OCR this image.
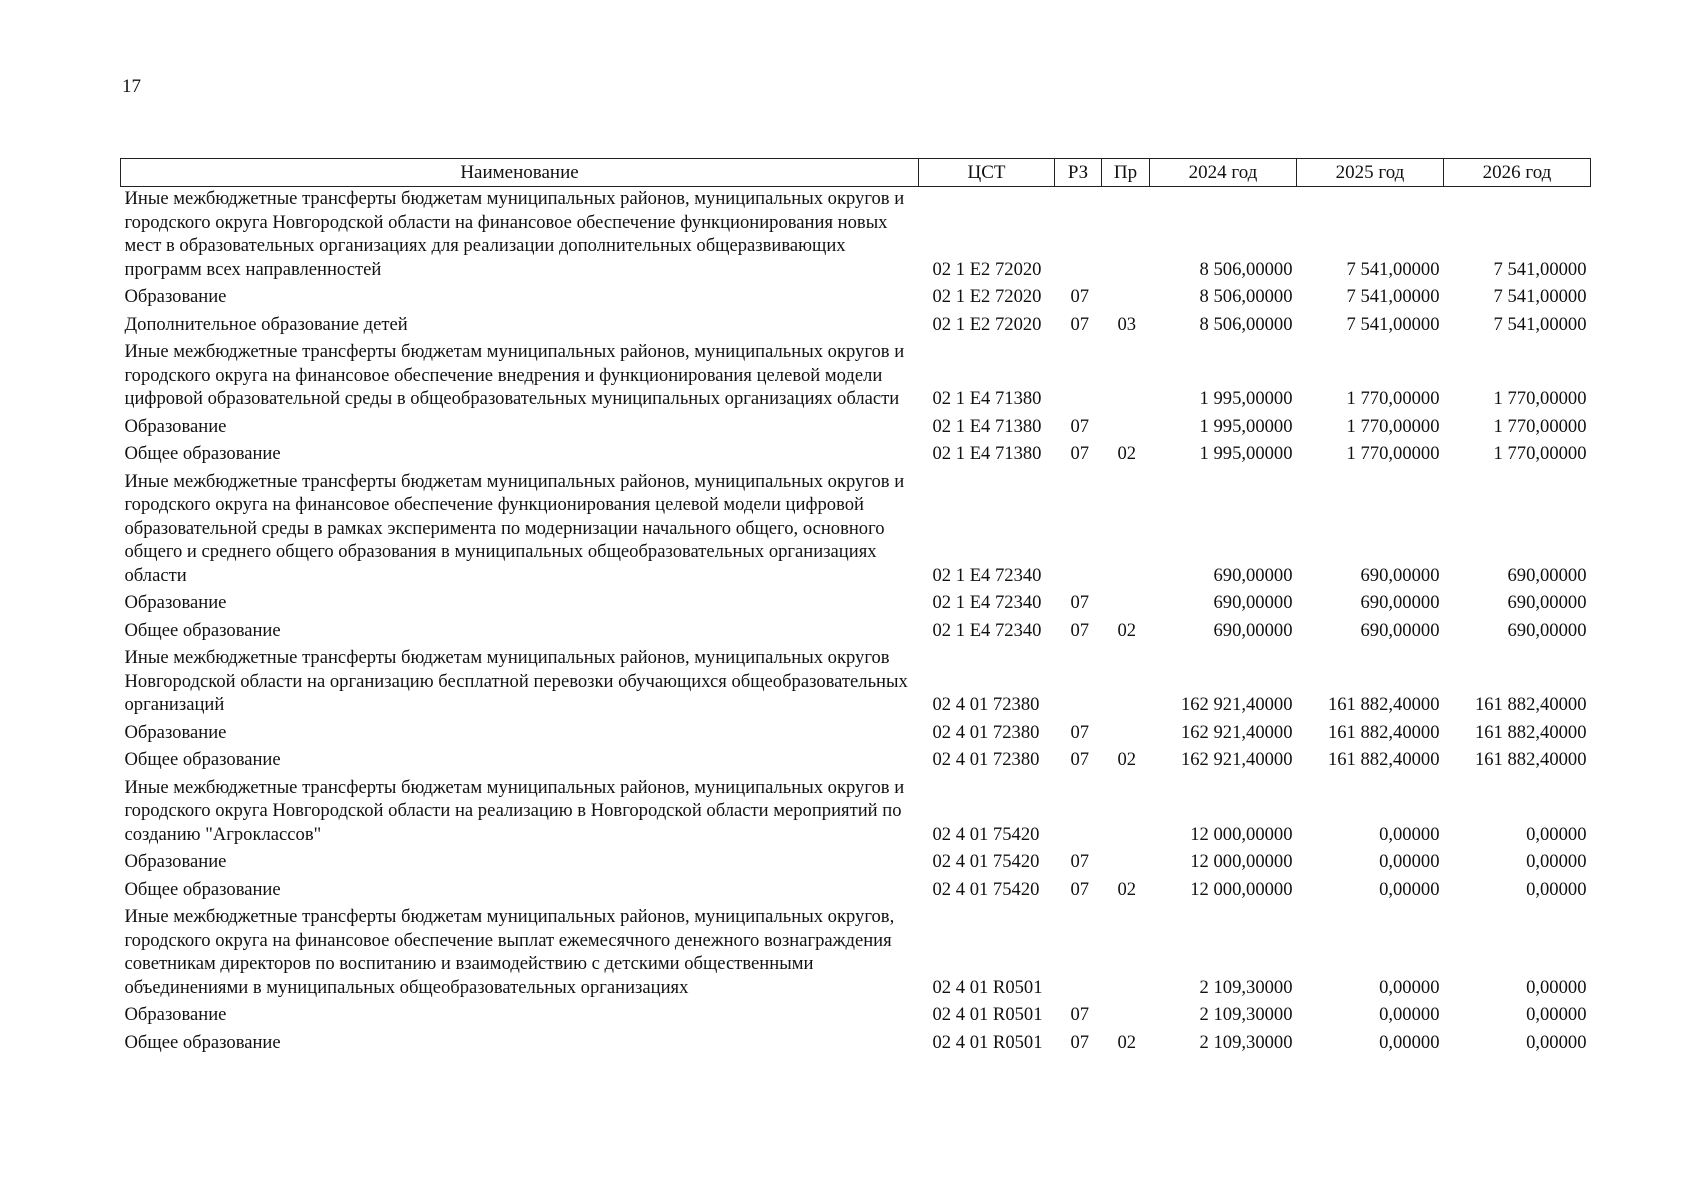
17
Наименование	ЦСТ	РЗ	Пр	2024 год	2025 год	2026 год
Иные межбюджетные трансферты бюджетам муниципальных районов, муниципальных округов и городского округа Новгородской области на финансовое обеспечение функционирования новых мест в образовательных организациях для реализации дополнительных общеразвивающих программ всех направленностей	02 1 Е2 72020			8 506,00000	7 541,00000	7 541,00000
Образование	02 1 Е2 72020	07		8 506,00000	7 541,00000	7 541,00000
Дополнительное образование детей	02 1 Е2 72020	07	03	8 506,00000	7 541,00000	7 541,00000
Иные межбюджетные трансферты бюджетам муниципальных районов, муниципальных округов и городского округа на финансовое обеспечение внедрения и функционирования целевой модели цифровой образовательной среды в общеобразовательных муниципальных организациях области	02 1 Е4 71380			1 995,00000	1 770,00000	1 770,00000
Образование	02 1 Е4 71380	07		1 995,00000	1 770,00000	1 770,00000
Общее образование	02 1 Е4 71380	07	02	1 995,00000	1 770,00000	1 770,00000
Иные межбюджетные трансферты бюджетам муниципальных районов, муниципальных округов и городского округа на финансовое обеспечение функционирования целевой модели цифровой образовательной среды в рамках эксперимента по модернизации начального общего, основного общего и среднего общего образования в муниципальных общеобразовательных организациях области	02 1 Е4 72340			690,00000	690,00000	690,00000
Образование	02 1 Е4 72340	07		690,00000	690,00000	690,00000
Общее образование	02 1 Е4 72340	07	02	690,00000	690,00000	690,00000
Иные межбюджетные трансферты бюджетам муниципальных районов, муниципальных округов Новгородской области на организацию бесплатной перевозки обучающихся общеобразовательных организаций	02 4 01 72380			162 921,40000	161 882,40000	161 882,40000
Образование	02 4 01 72380	07		162 921,40000	161 882,40000	161 882,40000
Общее образование	02 4 01 72380	07	02	162 921,40000	161 882,40000	161 882,40000
Иные межбюджетные трансферты бюджетам муниципальных районов, муниципальных округов и городского округа Новгородской области на реализацию в Новгородской области мероприятий по созданию "Агроклассов"	02 4 01 75420			12 000,00000	0,00000	0,00000
Образование	02 4 01 75420	07		12 000,00000	0,00000	0,00000
Общее образование	02 4 01 75420	07	02	12 000,00000	0,00000	0,00000
Иные межбюджетные трансферты бюджетам муниципальных районов, муниципальных округов, городского округа на финансовое обеспечение выплат ежемесячного денежного вознаграждения советникам директоров по воспитанию и взаимодействию с детскими общественными объединениями в муниципальных общеобразовательных организациях	02 4 01 R0501			2 109,30000	0,00000	0,00000
Образование	02 4 01 R0501	07		2 109,30000	0,00000	0,00000
Общее образование	02 4 01 R0501	07	02	2 109,30000	0,00000	0,00000
